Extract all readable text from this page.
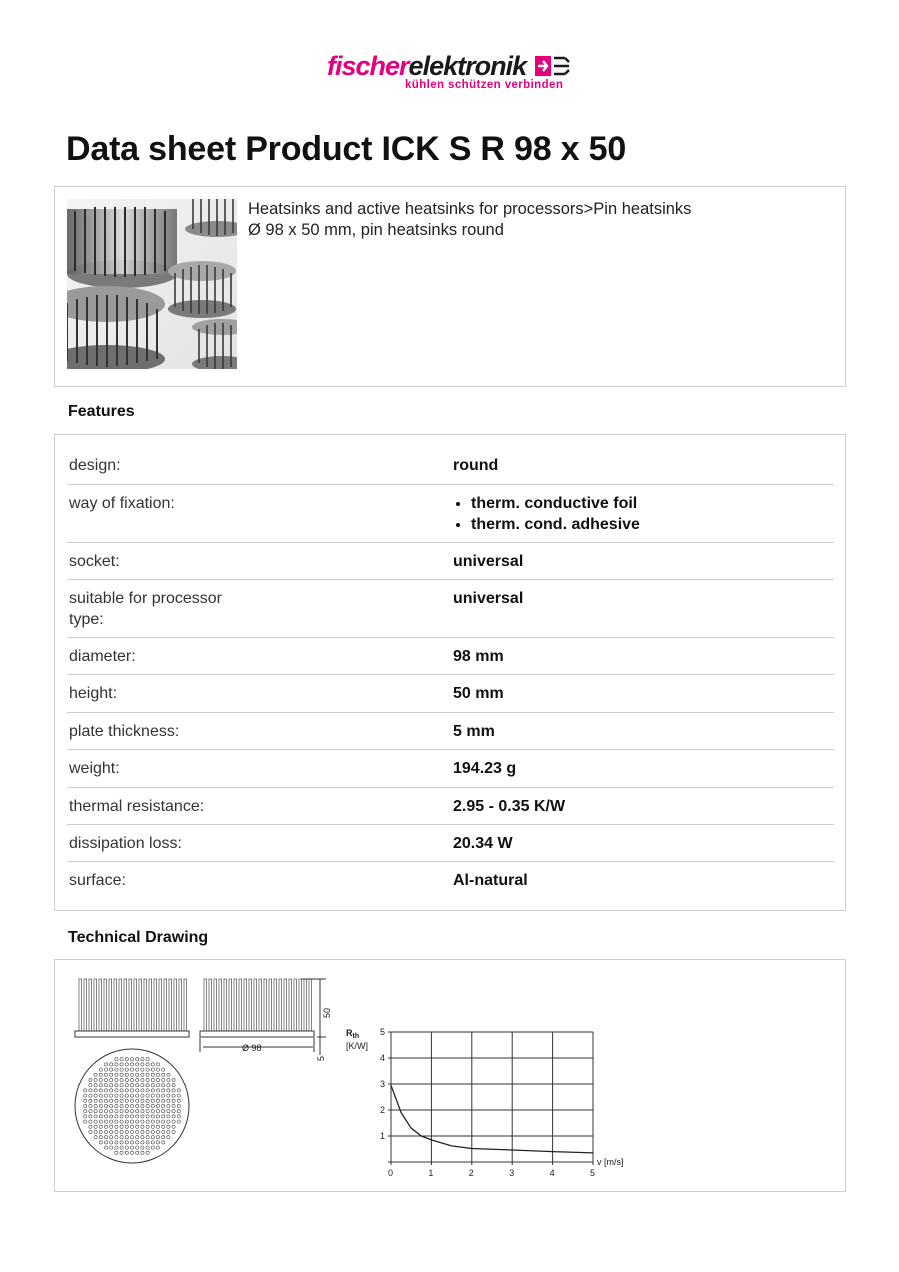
fischerelektronik
kühlen schützen verbinden
Data sheet Product ICK S R 98 x 50
Heatsinks and active heatsinks for processors>Pin heatsinks
Ø 98 x 50 mm, pin heatsinks round
Features
design:	round
way of fixation:
•	therm. conductive foil
• therm. cond. adhesive
socket:	universal
suitable for processor type:
universal
diameter:	98 mm
height:	50 mm
plate thickness:	5 mm
weight:	194.23 g
thermal resistance:	2.95 - 0.35 K/W
dissipation loss:	20.34 W
surface:	Al-natural
Technical Drawing
50
Ø 98
5
0	1	2	3	4	5
1
2
3
4
5
$R_{th}$
[K/W]
v [m/s]
